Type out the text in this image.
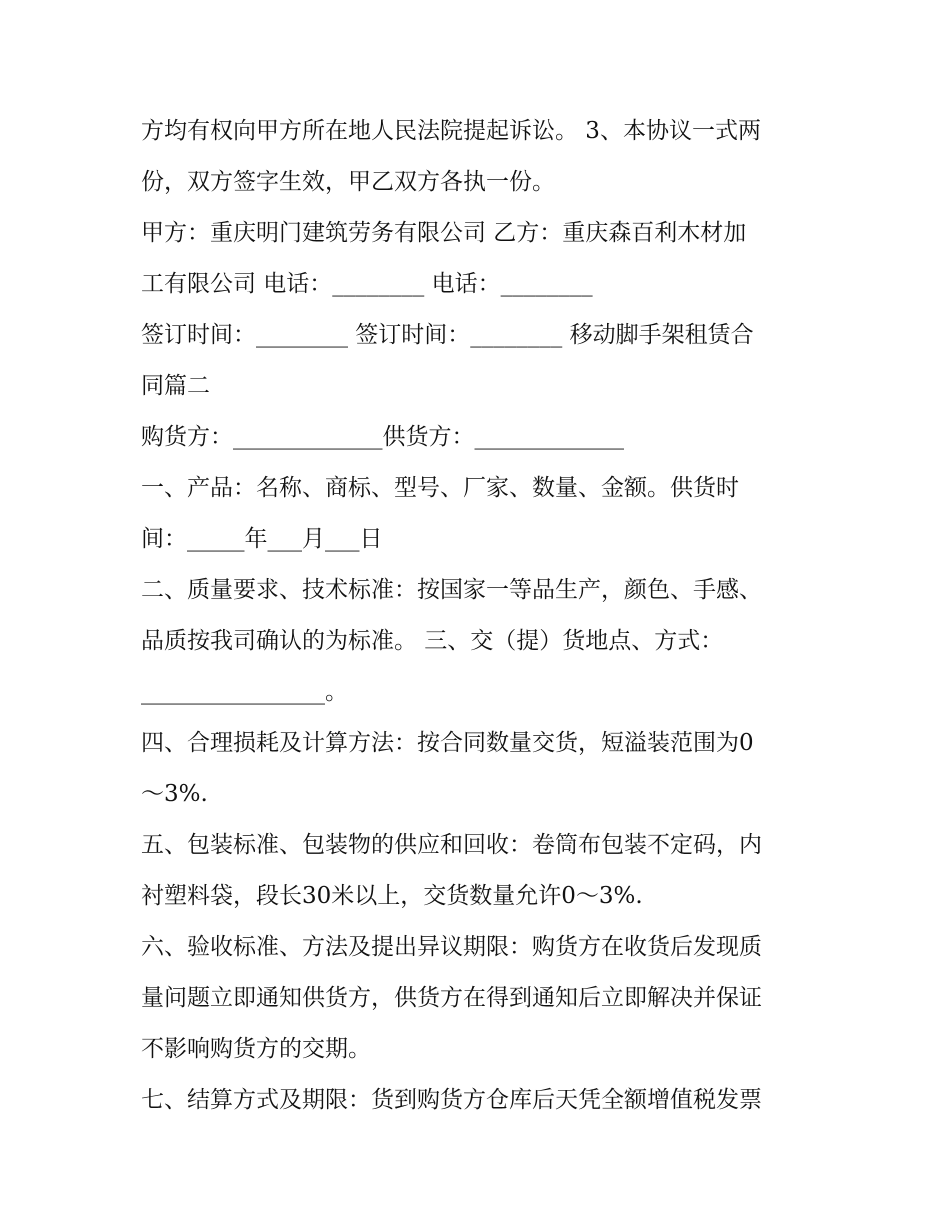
方均有权向甲方所在地人民法院提起诉讼。 3、本协议一式两
份，双方签字生效，甲乙双方各执一份。
甲方：重庆明门建筑劳务有限公司 乙方：重庆森百利木材加
工有限公司 电话：________ 电话：________
签订时间：________ 签订时间：________ 移动脚手架租赁合
同篇二
购货方：_____________供货方：_____________
一、产品：名称、商标、型号、厂家、数量、金额。供货时
间：_____年___月___日
二、质量要求、技术标准：按国家一等品生产，颜色、手感、
品质按我司确认的为标准。 三、交（提）货地点、方式：
________________。
四、合理损耗及计算方法：按合同数量交货，短溢装范围为0
～3%.
五、包装标准、包装物的供应和回收：卷筒布包装不定码，内
衬塑料袋，段长30米以上，交货数量允许0～3%.
六、验收标准、方法及提出异议期限：购货方在收货后发现质
量问题立即通知供货方，供货方在得到通知后立即解决并保证
不影响购货方的交期。
七、结算方式及期限：货到购货方仓库后天凭全额增值税发票
